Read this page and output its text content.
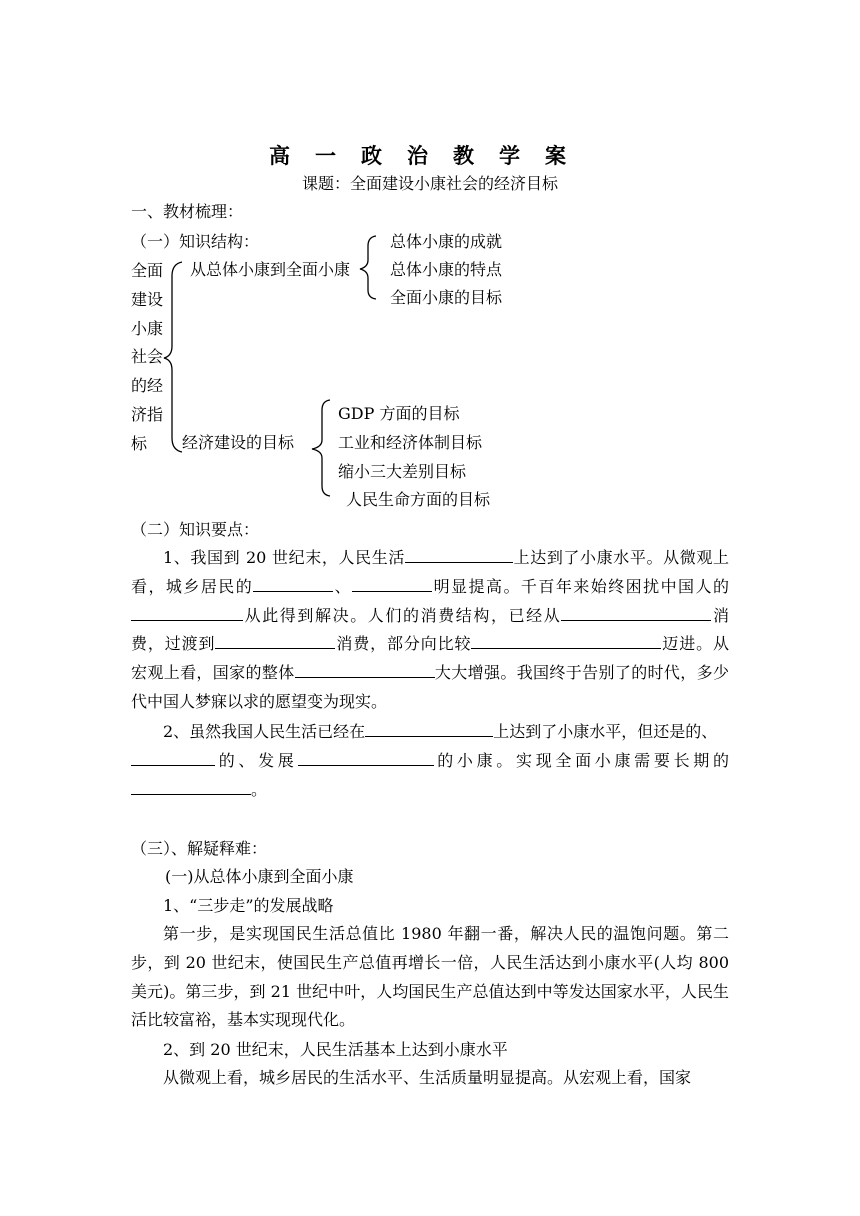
高一政治教学案
课题：全面建设小康社会的经济目标
一、教材梳理：
（一）知识结构：
全面
建设
小康
社会
的经
济指
标
从总体小康到全面小康
总体小康的成就
总体小康的特点
全面小康的目标
经济建设的目标
GDP 方面的目标
工业和经济体制目标
缩小三大差别目标
人民生命方面的目标
（二）知识要点：
1、我国到 20 世纪末，人民生活	上达到了小康水平。从微观上看，城乡居民的	、	明显提高。千百年来始终困扰中国人的从此得到解决。人们的消费结构，已经从	消费，过渡到	消费，部分向比较	迈进。从宏观上看，国家的整体	大大增强。我国终于告别了的时代，多少代中国人梦寐以求的愿望变为现实。
2、虽然我国人民生活已经在	上达到了小康水平，但还是的、
的、发展	的小康。实现全面小康需要长期的。
（三）、解疑释难：
(一)从总体小康到全面小康
1、“三步走”的发展战略
第一步，是实现国民生活总值比 1980 年翻一番，解决人民的温饱问题。第二步，到 20 世纪末，使国民生产总值再增长一倍，人民生活达到小康水平(人均 800 美元)。第三步，到 21 世纪中叶，人均国民生产总值达到中等发达国家水平，人民生活比较富裕，基本实现现代化。
2、到 20 世纪末，人民生活基本上达到小康水平
从微观上看，城乡居民的生活水平、生活质量明显提高。从宏观上看，国家
